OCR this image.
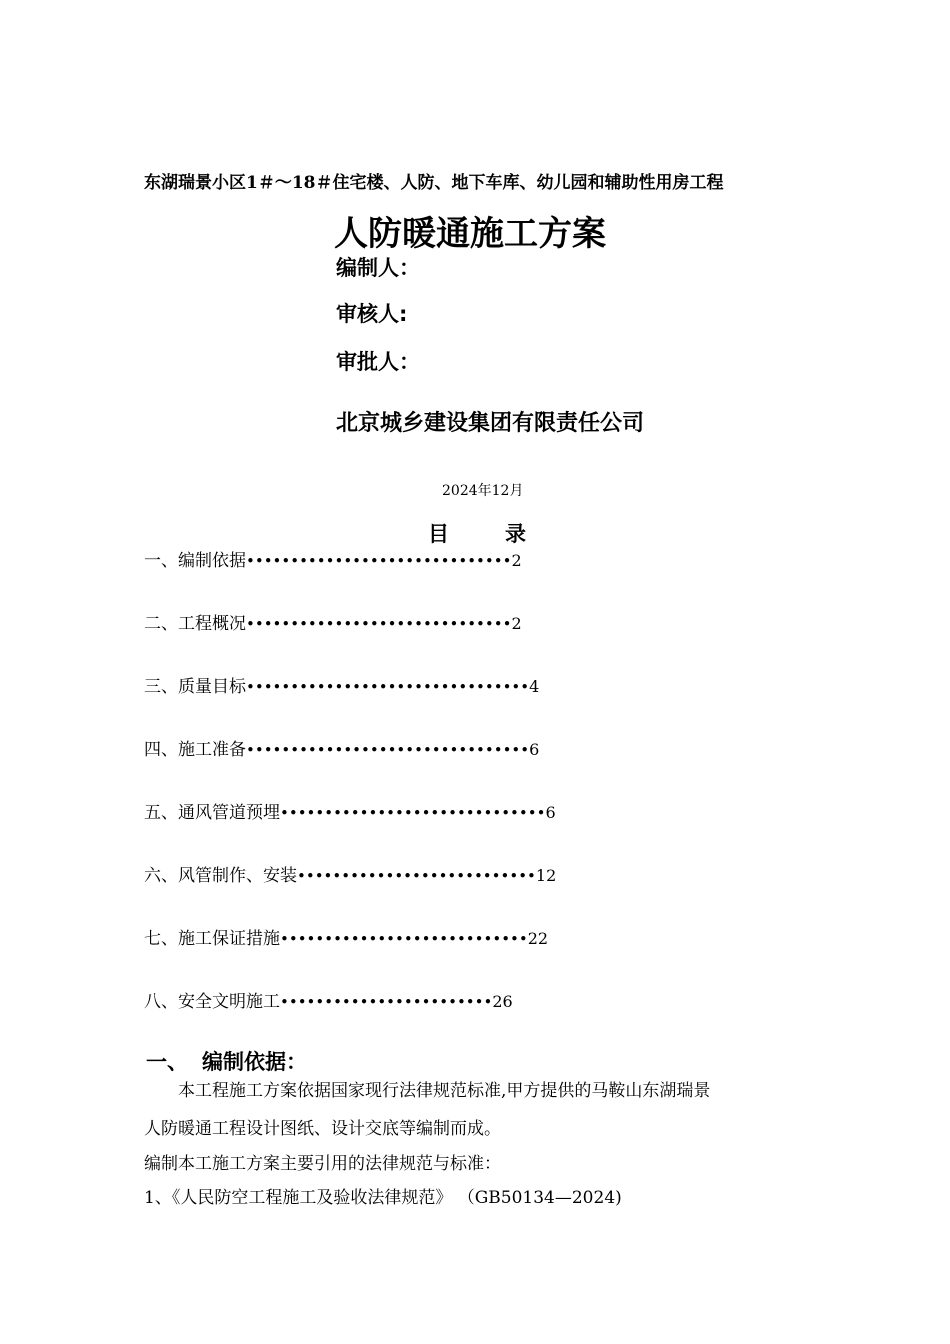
东湖瑞景小区1＃～18＃住宅楼、人防、地下车库、幼儿园和辅助性用房工程
人防暖通施工方案
编制人：
审核人:
审批人：
北京城乡建设集团有限责任公司
2024年12月
目	录
一、编制依据 •••••••••••••••••••••••••••••• 2
二、工程概况 •••••••••••••••••••••••••••••• 2
三、质量目标 •••••••••••••••••••••••••••••••• 4
四、施工准备 •••••••••••••••••••••••••••••••• 6
五、通风管道预埋 •••••••••••••••••••••••••••••• 6
六、风管制作、安装 ••••••••••••••••••••••••••• 12
七、施工保证措施 •••••••••••••••••••••••••••• 22
八、安全文明施工 •••••••••••••••••••••••• 26
一、 编制依据：
本工程施工方案依据国家现行法律规范标准,甲方提供的马鞍山东湖瑞景
人防暖通工程设计图纸、设计交底等编制而成。
编制本工施工方案主要引用的法律规范与标准：
1、《人民防空工程施工及验收法律规范》 （GB50134—2024)
